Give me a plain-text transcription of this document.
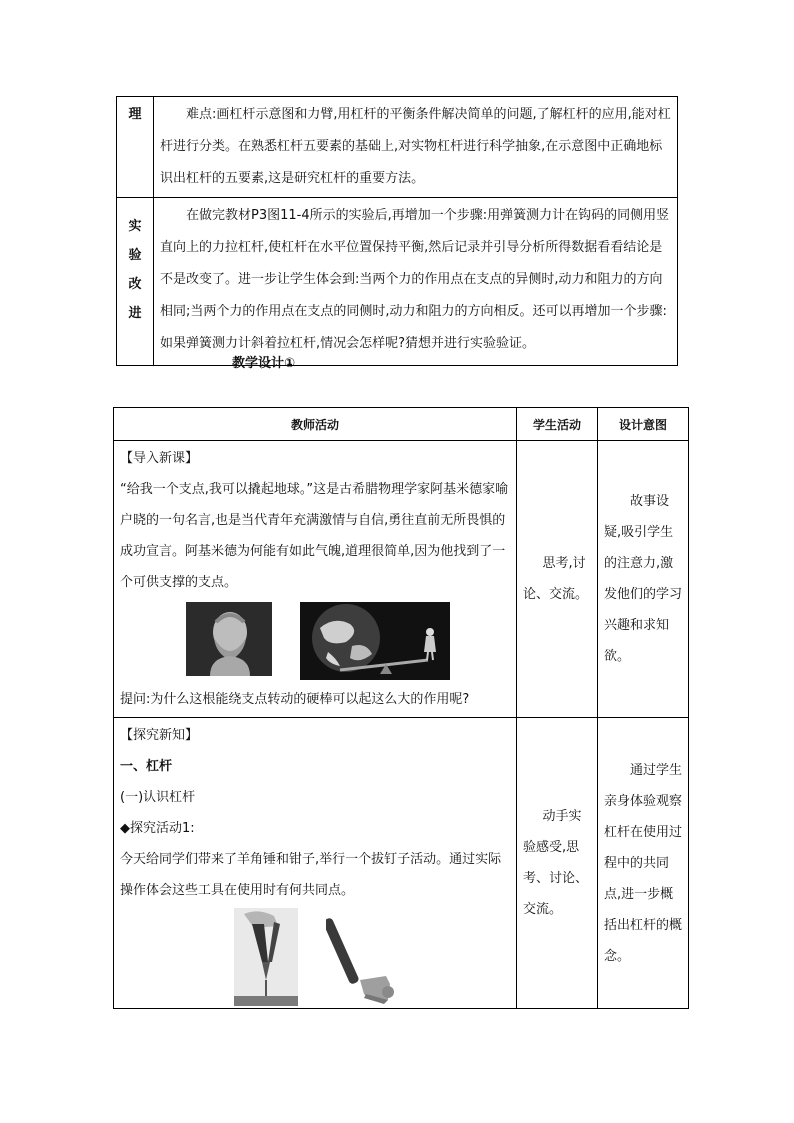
理	难点:画杠杆示意图和力臂,用杠杆的平衡条件解决简单的问题,了解杠杆的应用,能对杠杆进行分类。在熟悉杠杆五要素的基础上,对实物杠杆进行科学抽象,在示意图中正确地标识出杠杆的五要素,这是研究杠杆的重要方法。

实
验
改
进	在做完教材P3图11-4所示的实验后,再增加一个步骤:用弹簧测力计在钩码的同侧用竖直向上的力拉杠杆,使杠杆在水平位置保持平衡,然后记录并引导分析所得数据看看结论是不是改变了。进一步让学生体会到:当两个力的作用点在支点的异侧时,动力和阻力的方向相同;当两个力的作用点在支点的同侧时,动力和阻力的方向相反。还可以再增加一个步骤:如果弹簧测力计斜着拉杠杆,情况会怎样呢?猜想并进行实验验证。
教学设计①
教师活动	学生活动	设计意图

【导入新课】

“给我一个支点,我可以撬起地球。”这是古希腊物理学家阿基米德家喻户晓的一句名言,也是当代青年充满激情与自信,勇往直前无所畏惧的成功宣言。阿基米德为何能有如此气魄,道理很简单,因为他找到了一个可供支撑的支点。

提问:为什么这根能绕支点转动的硬棒可以起这么大的作用呢?	思考,讨论、交流。	故事设疑,吸引学生的注意力,激发他们的学习兴趣和求知欲。

【探究新知】

一、杠杆

(一)认识杠杆

◆探究活动1:

今天给同学们带来了羊角锤和钳子,举行一个拔钉子活动。通过实际操作体会这些工具在使用时有何共同点。	动手实验感受,思考、讨论、交流。	通过学生亲身体验观察杠杆在使用过程中的共同点,进一步概括出杠杆的概念。
